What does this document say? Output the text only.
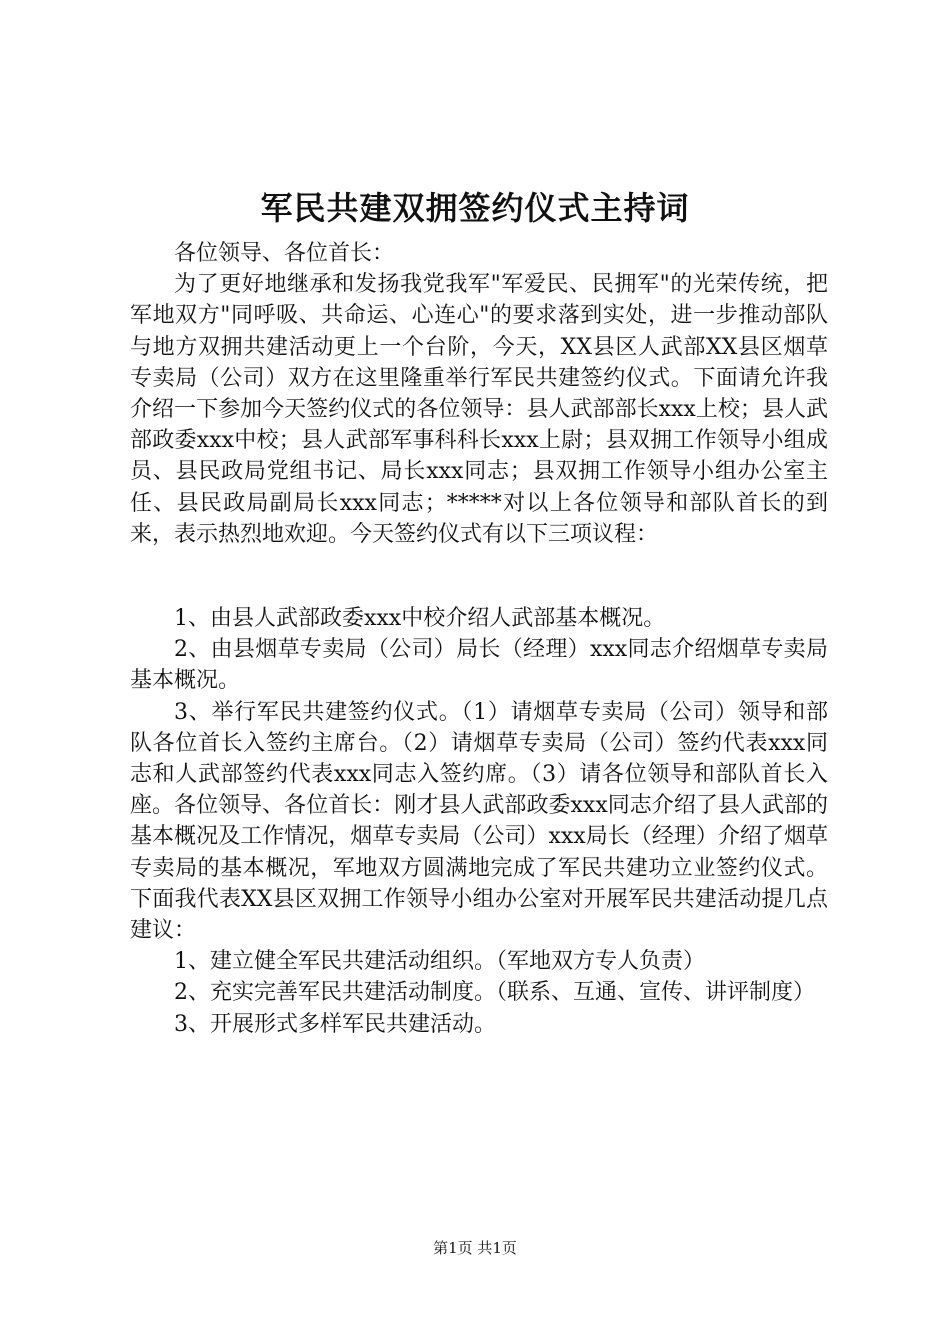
军民共建双拥签约仪式主持词

各位领导、各位首长：

为了更好地继承和发扬我党我军"军爱民、民拥军"的光荣传统，把军地双方"同呼吸、共命运、心连心"的要求落到实处，进一步推动部队与地方双拥共建活动更上一个台阶，今天，XX县区人武部XX县区烟草专卖局（公司）双方在这里隆重举行军民共建签约仪式。下面请允许我介绍一下参加今天签约仪式的各位领导：县人武部部长xxx上校；县人武部政委xxx中校；县人武部军事科科长xxx上尉；县双拥工作领导小组成员、县民政局党组书记、局长xxx同志；县双拥工作领导小组办公室主任、县民政局副局长xxx同志；*****对以上各位领导和部队首长的到来，表示热烈地欢迎。今天签约仪式有以下三项议程：

1、由县人武部政委xxx中校介绍人武部基本概况。

2、由县烟草专卖局（公司）局长（经理）xxx同志介绍烟草专卖局基本概况。

3、举行军民共建签约仪式。（1）请烟草专卖局（公司）领导和部队各位首长入签约主席台。（2）请烟草专卖局（公司）签约代表xxx同志和人武部签约代表xxx同志入签约席。（3）请各位领导和部队首长入座。各位领导、各位首长：刚才县人武部政委xxx同志介绍了县人武部的基本概况及工作情况，烟草专卖局（公司）xxx局长（经理）介绍了烟草专卖局的基本概况，军地双方圆满地完成了军民共建功立业签约仪式。下面我代表XX县区双拥工作领导小组办公室对开展军民共建活动提几点建议：

1、建立健全军民共建活动组织。（军地双方专人负责）

2、充实完善军民共建活动制度。（联系、互通、宣传、讲评制度）

3、开展形式多样军民共建活动。

第1页 共1页
